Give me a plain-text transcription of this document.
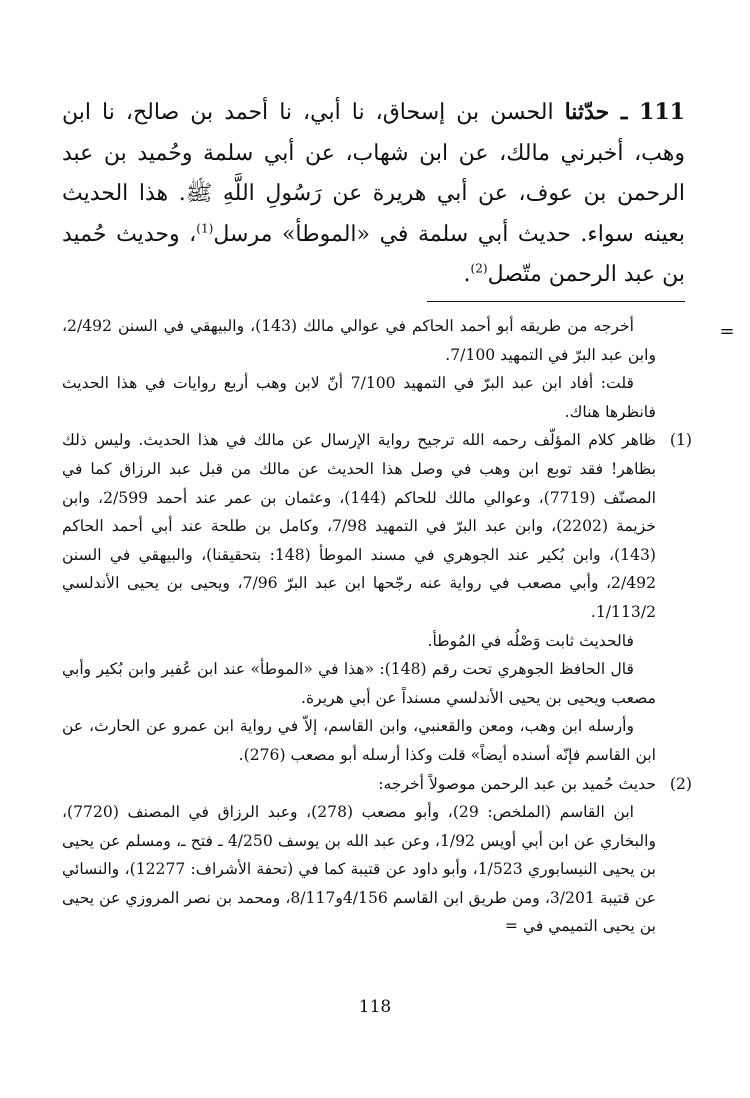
111 ـ حدّثنا الحسن بن إسحاق، نا أبي، نا أحمد بن صالح، نا ابن وهب، أخبرني مالك، عن ابن شهاب، عن أبي سلمة وحُميد بن عبد الرحمن بن عوف، عن أبي هريرة عن رَسُولِ اللَّهِ ﷺ. هذا الحديث بعينه سواء. حديث أبي سلمة في «الموطأ» مرسل$^{(1)}$، وحديث حُميد بن عبد الرحمن متّصل$^{(2)}$.

=

أخرجه من طريقه أبو أحمد الحاكم في عوالي مالك (143)، والبيهقي في السنن 2/492، وابن عبد البرّ في التمهيد 7/100.

قلت: أفاد ابن عبد البرّ في التمهيد 7/100 أنّ لابن وهب أربع روايات في هذا الحديث فانظرها هناك.

(1)

ظاهر كلام المؤلّف رحمه الله ترجيح رواية الإرسال عن مالك في هذا الحديث. وليس ذلك بظاهر! فقد توبع ابن وهب في وصل هذا الحديث عن مالك من قبل عبد الرزاق كما في المصنّف (7719)، وعوالي مالك للحاكم (144)، وعثمان بن عمر عند أحمد 2/599، وابن خزيمة (2202)، وابن عبد البرّ في التمهيد 7/98، وكامل بن طلحة عند أبي أحمد الحاكم (143)، وابن بُكير عند الجوهري في مسند الموطأ (148: بتحقيقنا)، والبيهقي في السنن 2/492، وأبي مصعب في رواية عنه رجّحها ابن عبد البرّ 7/96، ويحيى بن يحيى الأندلسي 1/113/2.

فالحديث ثابت وَصْلُه في المُوطأ.

قال الحافظ الجوهري تحت رقم (148): «هذا في «الموطأ» عند ابن عُفير وابن بُكير وأبي مصعب ويحيى بن يحيى الأندلسي مسنداً عن أبي هريرة.

وأرسله ابن وهب، ومعن والقعنبي، وابن القاسم، إلاّ في رواية ابن عمرو عن الحارث، عن ابن القاسم فإنّه أسنده أيضاً» قلت وكذا أرسله أبو مصعب (276).

(2)

حديث حُميد بن عبد الرحمن موصولاً أخرجه:

ابن القاسم (الملخص: 29)، وأبو مصعب (278)، وعبد الرزاق في المصنف (7720)، والبخاري عن ابن أبي أويس 1/92، وعن عبد الله بن يوسف 4/250 ـ فتح ـ، ومسلم عن يحيى بن يحيى النيسابوري 1/523، وأبو داود عن قتيبة كما في (تحفة الأشراف: 12277)، والنسائي عن قتيبة 3/201، ومن طريق ابن القاسم 4/156و8/117، ومحمد بن نصر المروزي عن يحيى بن يحيى التميمي في =

118
